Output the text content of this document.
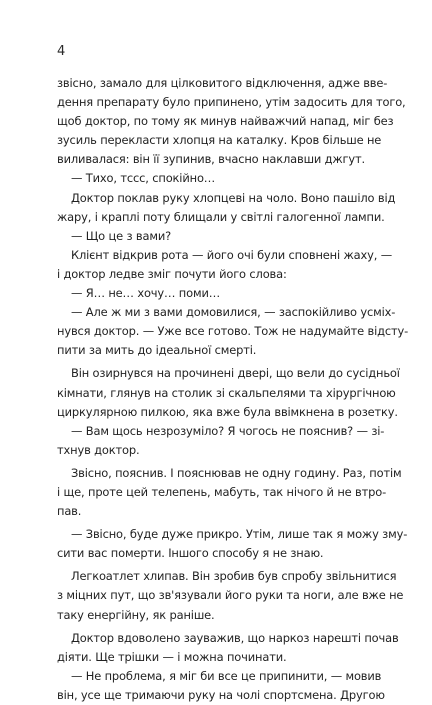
4
звісно, замало для цілковитого відключення, адже вве-
дення препарату було припинено, утім задосить для того,
щоб доктор, по тому як минув найважчий напад, міг без
зусиль перекласти хлопця на каталку. Кров більше не
виливалася: він її зупинив, вчасно наклавши джгут.
— Тихо, тссс, спокійно…
Доктор поклав руку хлопцеві на чоло. Воно пашіло від
жару, і краплі поту блищали у світлі галогенної лампи.
— Що це з вами?
Клієнт відкрив рота — його очі були сповнені жаху, —
і доктор ледве зміг почути його слова:
— Я… не… хочу… поми…
— Але ж ми з вами домовилися, — заспокійливо усміх-
нувся доктор. — Уже все готово. Тож не надумайте відсту-
пити за мить до ідеальної смерті.
Він озирнувся на прочинені двері, що вели до сусідньої
кімнати, глянув на столик зі скальпелями та хірургічною
циркулярною пилкою, яка вже була ввімкнена в розетку.
— Вам щось незрозуміло? Я чогось не пояснив? — зі-
тхнув доктор.
Звісно, пояснив. І пояснював не одну годину. Раз, потім
і ще, проте цей телепень, мабуть, так нічого й не втро-
пав.
— Звісно, буде дуже прикро. Утім, лише так я можу зму-
сити вас померти. Іншого способу я не знаю.
Легкоатлет хлипав. Він зробив був спробу звільнитися
з міцних пут, що зв'язували його руки та ноги, але вже не
таку енергійну, як раніше.
Доктор вдоволено зауважив, що наркоз нарешті почав
діяти. Ще трішки — і можна починати.
— Не проблема, я міг би все це припинити, — мовив
він, усе ще тримаючи руку на чолі спортсмена. Другою
